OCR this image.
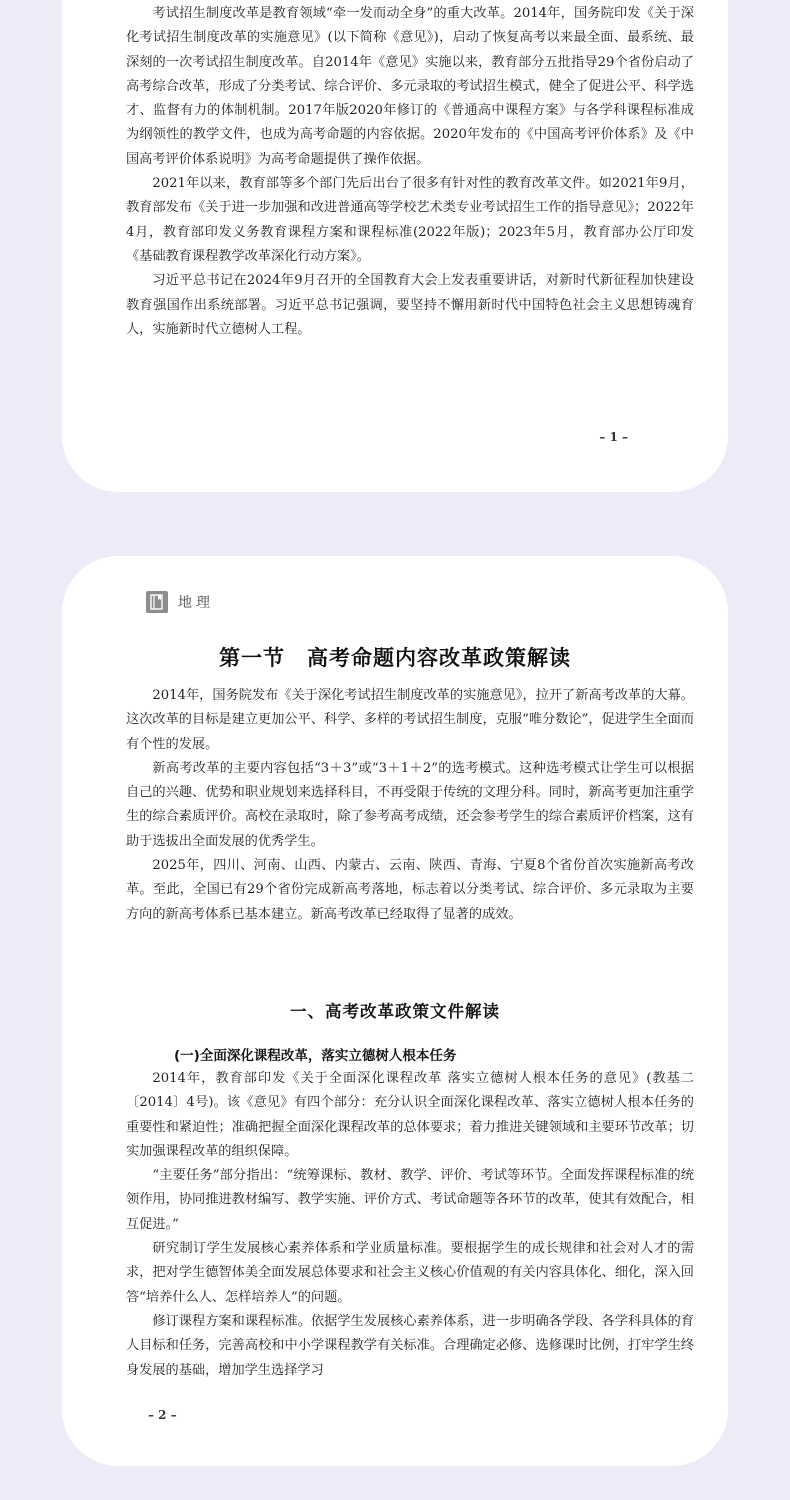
考试招生制度改革是教育领域“牵一发而动全身”的重大改革。2014年，国务院印发《关于深化考试招生制度改革的实施意见》(以下简称《意见》)，启动了恢复高考以来最全面、最系统、最深刻的一次考试招生制度改革。自2014年《意见》实施以来，教育部分五批指导29个省份启动了高考综合改革，形成了分类考试、综合评价、多元录取的考试招生模式，健全了促进公平、科学选才、监督有力的体制机制。2017年版2020年修订的《普通高中课程方案》与各学科课程标准成为纲领性的教学文件，也成为高考命题的内容依据。2020年发布的《中国高考评价体系》及《中国高考评价体系说明》为高考命题提供了操作依据。

2021年以来，教育部等多个部门先后出台了很多有针对性的教育改革文件。如2021年9月，教育部发布《关于进一步加强和改进普通高等学校艺术类专业考试招生工作的指导意见》；2022年4月，教育部印发义务教育课程方案和课程标准(2022年版)；2023年5月，教育部办公厅印发《基础教育课程教学改革深化行动方案》。

习近平总书记在2024年9月召开的全国教育大会上发表重要讲话，对新时代新征程加快建设教育强国作出系统部署。习近平总书记强调，要坚持不懈用新时代中国特色社会主义思想铸魂育人，实施新时代立德树人工程。

– 1 –
地理
第一节　高考命题内容改革政策解读

2014年，国务院发布《关于深化考试招生制度改革的实施意见》，拉开了新高考改革的大幕。这次改革的目标是建立更加公平、科学、多样的考试招生制度，克服“唯分数论”，促进学生全面而有个性的发展。

新高考改革的主要内容包括“3＋3”或“3＋1＋2”的选考模式。这种选考模式让学生可以根据自己的兴趣、优势和职业规划来选择科目，不再受限于传统的文理分科。同时，新高考更加注重学生的综合素质评价。高校在录取时，除了参考高考成绩，还会参考学生的综合素质评价档案，这有助于选拔出全面发展的优秀学生。

2025年，四川、河南、山西、内蒙古、云南、陕西、青海、宁夏8个省份首次实施新高考改革。至此，全国已有29个省份完成新高考落地，标志着以分类考试、综合评价、多元录取为主要方向的新高考体系已基本建立。新高考改革已经取得了显著的成效。

一、高考改革政策文件解读
(一)全面深化课程改革，落实立德树人根本任务

2014年，教育部印发《关于全面深化课程改革 落实立德树人根本任务的意见》(教基二〔2014〕4号)。该《意见》有四个部分：充分认识全面深化课程改革、落实立德树人根本任务的重要性和紧迫性；准确把握全面深化课程改革的总体要求；着力推进关键领域和主要环节改革；切实加强课程改革的组织保障。

“主要任务”部分指出：“统筹课标、教材、教学、评价、考试等环节。全面发挥课程标准的统领作用，协同推进教材编写、教学实施、评价方式、考试命题等各环节的改革，使其有效配合，相互促进。”

研究制订学生发展核心素养体系和学业质量标准。要根据学生的成长规律和社会对人才的需求，把对学生德智体美全面发展总体要求和社会主义核心价值观的有关内容具体化、细化，深入回答“培养什么人、怎样培养人”的问题。

修订课程方案和课程标准。依据学生发展核心素养体系，进一步明确各学段、各学科具体的育人目标和任务，完善高校和中小学课程教学有关标准。合理确定必修、选修课时比例，打牢学生终身发展的基础，增加学生选择学习

– 2 –
